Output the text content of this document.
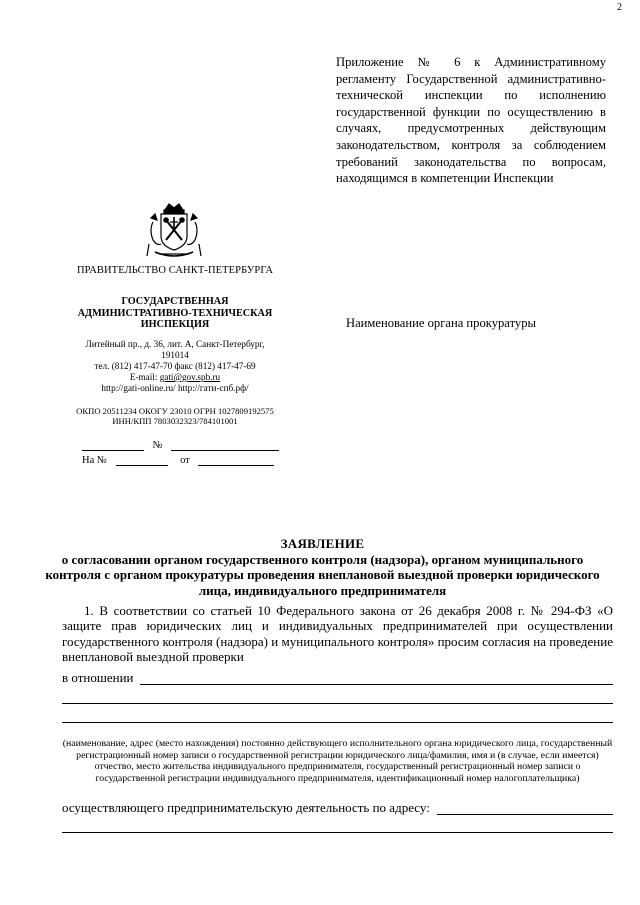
2
Приложение № 6 к Административному регламенту Государственной административно-технической инспекции по исполнению государственной функции по осуществлению в случаях, предусмотренных действующим законодательством, контроля за соблюдением требований законодательства по вопросам, находящимся в компетенции Инспекции
ПРАВИТЕЛЬСТВО САНКТ-ПЕТЕРБУРГА
ГОСУДАРСТВЕННАЯ
АДМИНИСТРАТИВНО-ТЕХНИЧЕСКАЯ
ИНСПЕКЦИЯ
Литейный пр., д. 36, лит. А, Санкт-Петербург,
191014
тел. (812) 417-47-70 факс (812) 417-47-69
E-mail: gati@gov.spb.ru
http://gati-online.ru/ http://гати-спб.рф/
ОКПО 20511234 ОКОГУ 23010 ОГРН 1027809192575
ИНН/КПП 7803032323/784101001
№
На №	от
Наименование органа прокуратуры
ЗАЯВЛЕНИЕ
о согласовании органом государственного контроля (надзора), органом муниципального контроля с органом прокуратуры проведения внеплановой выездной проверки юридического лица, индивидуального предпринимателя
1. В соответствии со статьей 10 Федерального закона от 26 декабря 2008 г. № 294-ФЗ «О защите прав юридических лиц и индивидуальных предпринимателей при осуществлении государственного контроля (надзора) и муниципального контроля» просим согласия на проведение внеплановой выездной проверки
в отношении
(наименование, адрес (место нахождения) постоянно действующего исполнительного органа юридического лица, государственный регистрационный номер записи о государственной регистрации юридического лица/фамилия, имя и (в случае, если имеется) отчество, место жительства индивидуального предпринимателя, государственный регистрационный номер записи о государственной регистрации индивидуального предпринимателя, идентификационный номер налогоплательщика)
осуществляющего предпринимательскую деятельность по адресу:
